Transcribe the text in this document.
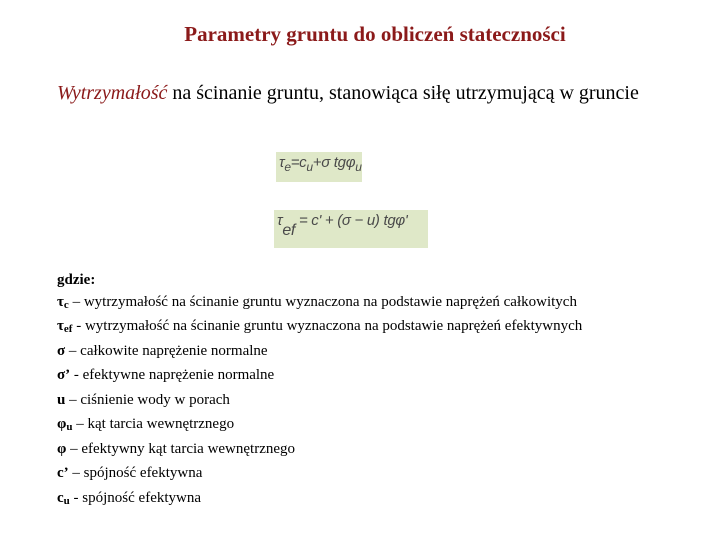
Parametry gruntu do obliczeń stateczności
Wytrzymałość na ścinanie gruntu, stanowiąca siłę utrzymującą w gruncie
$\tau_e=c_u+\sigma$ tgφ$_u$
τef = c' + (σ − u) tgφ'
gdzie:
τc – wytrzymałość na ścinanie gruntu wyznaczona na podstawie naprężeń całkowitych
τef - wytrzymałość na ścinanie gruntu wyznaczona na podstawie naprężeń efektywnych
σ – całkowite naprężenie normalne
σ’ - efektywne naprężenie normalne
u – ciśnienie wody w porach
φu – kąt tarcia wewnętrznego
φ – efektywny kąt tarcia wewnętrznego
c’ – spójność efektywna
cu - spójność efektywna
